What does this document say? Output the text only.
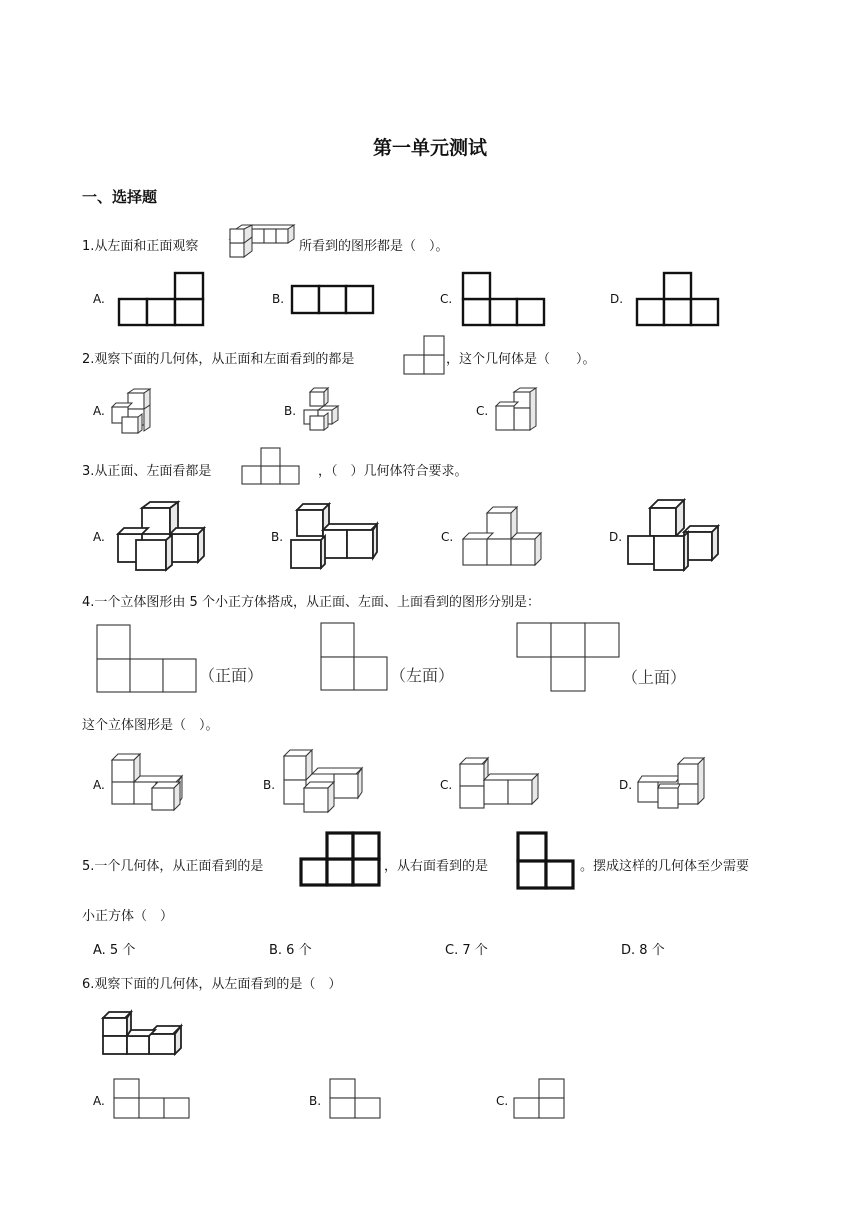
第一单元测试
一、选择题
1.从左面和正面观察	所看到的图形都是（　）。
A.	B.	C.	D.
2.观察下面的几何体，从正面和左面看到的都是	，这个几何体是（　　）。
A.	B.	C.
3.从正面、左面看都是	，（　）几何体符合要求。
A.	B.	C.	D.
4.一个立体图形由 5 个小正方体搭成，从正面、左面、上面看到的图形分别是：
（正面）	（左面）	（上面）
这个立体图形是（　）。
A.	B.	C.	D.
5.一个几何体，从正面看到的是	，从右面看到的是	。摆成这样的几何体至少需要
小正方体（　）
A. 5 个	B. 6 个	C. 7 个	D. 8 个
6.观察下面的几何体，从左面看到的是（　）
A.	B.	C.
